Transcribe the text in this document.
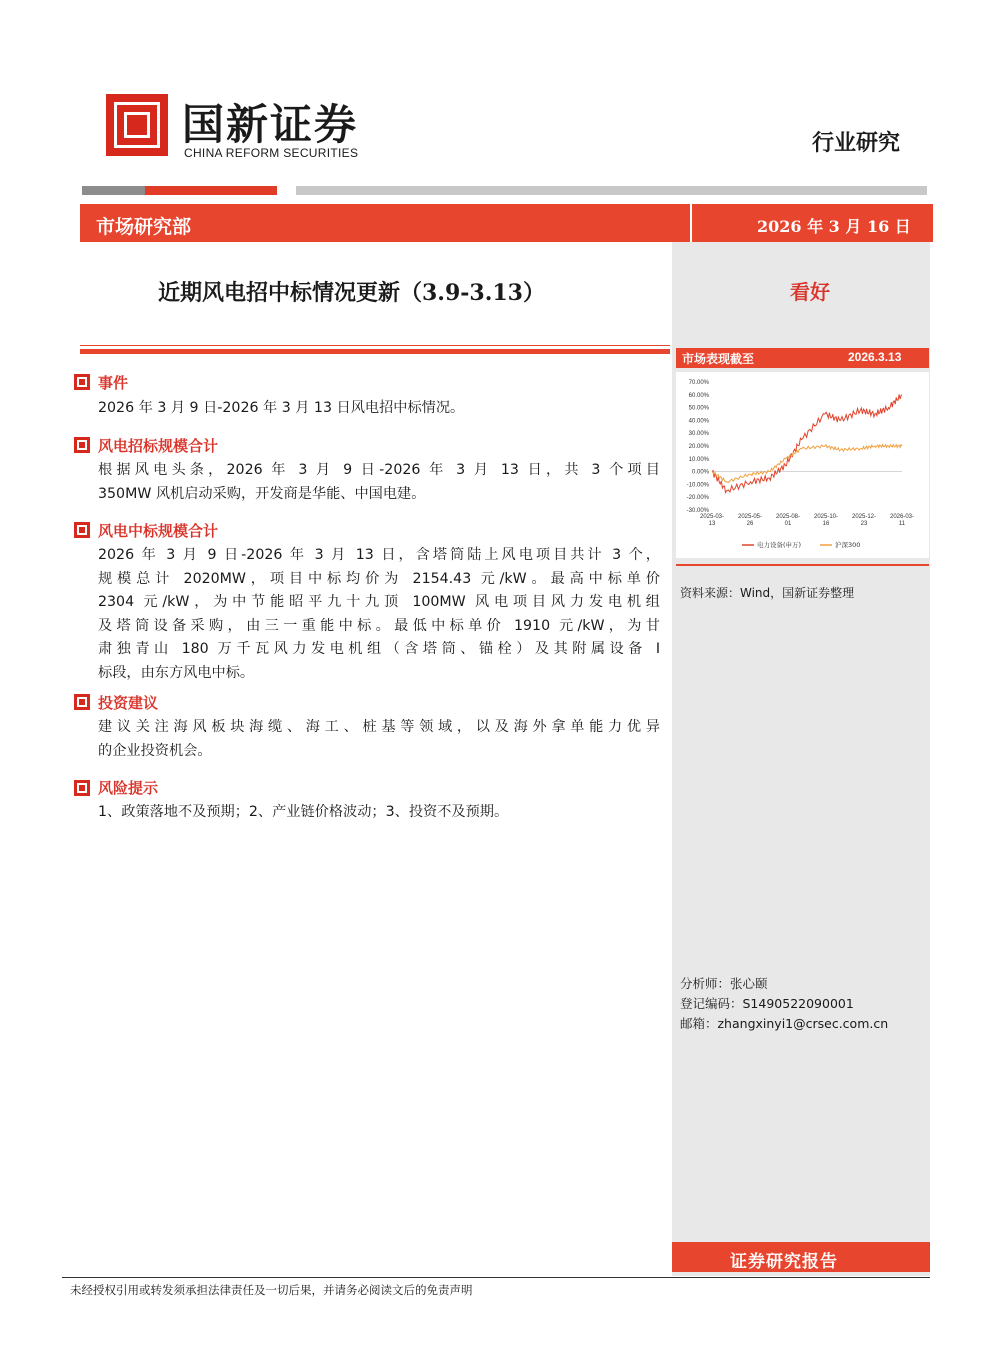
国新证券
CHINA REFORM SECURITIES	行业研究
市场研究部	2026 年 3 月 16 日
看好
市场表现截至	2026.3.13
70.00%
60.00%
50.00%
40.00%
30.00%
20.00%
10.00%
0.00%
-10.00%
-20.00%
-30.00%
2025-03-
13
2025-05-
26
2025-08-
01
2025-10-
16
2025-12-
23
2026-03-
11
电力设备(申万)	沪深300
资料来源：Wind，国新证券整理
分析师：张心颐
登记编码：S1490522090001
邮箱：zhangxinyi1@crsec.com.cn
证券研究报告
近期风电招中标情况更新（3.9-3.13）
事件
2026 年 3 月 9 日-2026 年 3 月 13 日风电招中标情况。
风电招标规模合计
根据风电头条，2026 年 3 月 9 日-2026 年 3 月 13 日，共 3 个项目
350MW 风机启动采购，开发商是华能、中国电建。
风电中标规模合计
2026 年 3 月 9 日-2026 年 3 月 13 日，含塔筒陆上风电项目共计 3 个，
规模总计 2020MW，项目中标均价为 2154.43 元/kW。最高中标单价
2304 元/kW，为中节能昭平九十九顶 100MW 风电项目风力发电机组
及塔筒设备采购，由三一重能中标。最低中标单价 1910 元/kW，为甘
肃独青山 180 万千瓦风力发电机组（含塔筒、锚栓）及其附属设备 I
标段，由东方风电中标。
投资建议
建议关注海风板块海缆、海工、桩基等领域，以及海外拿单能力优异
的企业投资机会。
风险提示
1、政策落地不及预期；2、产业链价格波动；3、投资不及预期。
未经授权引用或转发须承担法律责任及一切后果，并请务必阅读文后的免责声明
